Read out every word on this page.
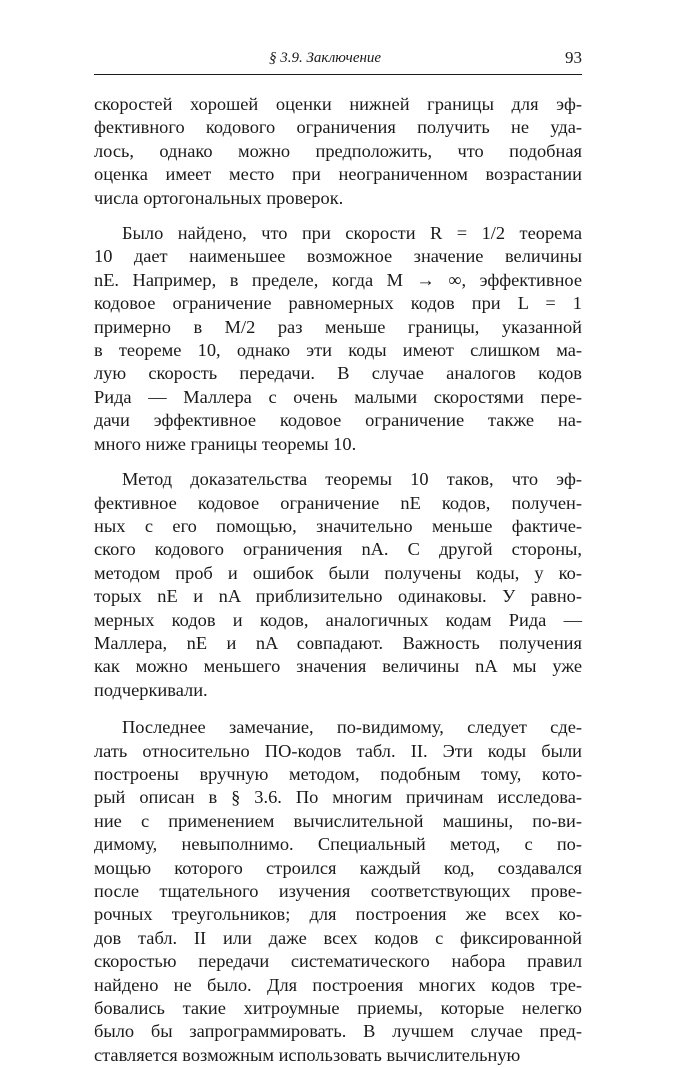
§ 3.9. Заключение	93
скоростей хорошей оценки нижней границы для эф-
фективного кодового ограничения получить не уда-
лось, однако можно предположить, что подобная
оценка имеет место при неограниченном возрастании
числа ортогональных проверок.
Было найдено, что при скорости R = 1/2 теорема
10 дает наименьшее возможное значение величины
nE. Например, в пределе, когда M → ∞, эффективное
кодовое ограничение равномерных кодов при L = 1
примерно в M/2 раз меньше границы, указанной
в теореме 10, однако эти коды имеют слишком ма-
лую скорость передачи. В случае аналогов кодов
Рида — Маллера с очень малыми скоростями пере-
дачи эффективное кодовое ограничение также на-
много ниже границы теоремы 10.
Метод доказательства теоремы 10 таков, что эф-
фективное кодовое ограничение nE кодов, получен-
ных с его помощью, значительно меньше фактиче-
ского кодового ограничения nA. С другой стороны,
методом проб и ошибок были получены коды, у ко-
торых nE и nA приблизительно одинаковы. У равно-
мерных кодов и кодов, аналогичных кодам Рида —
Маллера, nE и nA совпадают. Важность получения
как можно меньшего значения величины nA мы уже
подчеркивали.
Последнее замечание, по-видимому, следует сде-
лать относительно ПО-кодов табл. II. Эти коды были
построены вручную методом, подобным тому, кото-
рый описан в § 3.6. По многим причинам исследова-
ние с применением вычислительной машины, по-ви-
димому, невыполнимо. Специальный метод, с по-
мощью которого строился каждый код, создавался
после тщательного изучения соответствующих прове-
рочных треугольников; для построения же всех ко-
дов табл. II или даже всех кодов с фиксированной
скоростью передачи систематического набора правил
найдено не было. Для построения многих кодов тре-
бовались такие хитроумные приемы, которые нелегко
было бы запрограммировать. В лучшем случае пред-
ставляется возможным использовать вычислительную
